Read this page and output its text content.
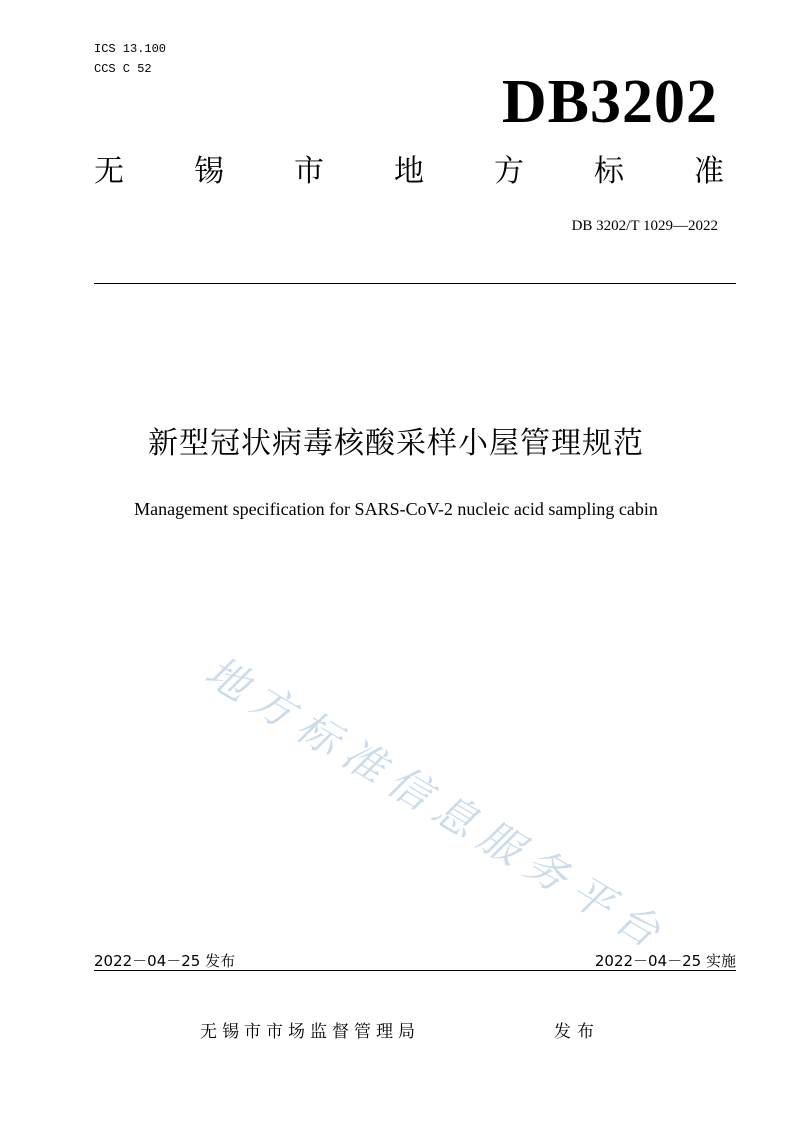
ICS 13.100
CCS C 52	DB3202
无 锡 市 地 方 标 准
DB 3202/T 1029—2022
新型冠状病毒核酸采样小屋管理规范
Management specification for SARS-CoV-2 nucleic acid sampling cabin
地方标准信息服务平台
2022－04－25 发布	2022－04－25 实施
无锡市市场监督管理局	发布
